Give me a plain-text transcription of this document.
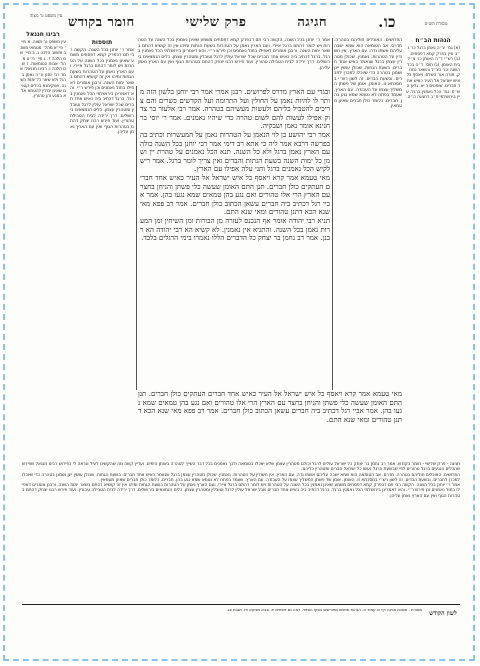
כו.
חגיגה
פרק שלישי
חומר בקודש	מסורת הש״ס
עין משפט נר מצוה
הגהות הב״ח

(א) גמ׳ ע״ה נאמן ברגל כו׳ נ״ב עיין בפרק קמא דפסחים. (ב) רש״י ד״ה האומן כו׳ צ״ל בית האומן. (ג) תוס׳ ד״ה בכל השנה וכו׳ כצ״ל והשאר נמחק. תורה אור השלם. ויאסף כל איש ישראל אל העיר כאיש אחד חברים. שופטים כ יא. גליון הש״ס. גמ׳ הכל נאמנין ברגל. עיין בירושלמי פ״ב דחגיגה ה״ה.

רבינו חננאל

עין משפט נר מצוה. א מיי׳ פי״א מהל׳ מטמאי משכב ומושב הלכה ג. ב מיי׳ שם הלכה ד. ג מיי׳ פ״ט מהל׳ אבות הטומאות. ד שם הלכה ו. רבינו חננאל: אמר רבי יוחנן ע״ה נאמן ברגל ולא שאר כל ימות השנה. ואוקימנא בכלים קטנים שאינן יכולין להטמא אלא במגע והן טהורין.

הפרושים. האוכלים חוליהם בטהרה. מדרס. אב הטומאה הוא שמא ישבה עליהם אשתו נדה. עם הארץ. אין חשודין על הטהרות. נאמנין. שכולן מטהרין עצמן ברגל שנאמר כאיש אחד חברים. בשעת הגתות. שכולן עושין יינן ושמנן בטהרה כדי שיוכלו למכרן לחברים. ובשעת הבדים. זה לשון רש״י במסכתא זו. האומן. אומן של פשתן המשליך עצמו על העבודה. עם הארץ. שעמד בפתח לא נטמא שמא נגע בהן. חברים. כלומר כולן חברים שאינן מטמאין.

תוספות

אמר ר׳ יוחנן בכל השנה. הקשה רבי תם דבפרק קמא דפסחים משמע שאינן נאמנין בכל השנה על הטהרות ויש לומר דהתם ברגל איירי. ועם הארץ נאמן על הטהרות בשעת הגתות ומיהו אין זה קושיא דהתם בשאר ימות השנה. ורבנן אומרים דאפילו בחול נאמנים וכן פירש ר״י. והא דאמרינן בירושלמי הכל נאמנין ברגל. ברגל דכתיב ביה כאיש אחד חברים שכל ישראל עולין לרגל וטובלין ומטהרין עצמן. כלים הנמצאים בירושלים. דרך ירידה לבית הטבילה טהורין. ועוד פירש רבנו יצחק דהתם בטהרות הגוף ואין עם הארץ נאמן עליהן.

אמר ר׳ יוחנן בכל השנה. הקשה רבי תם דבפרק קמא דפסחים משמע שאינן נאמנין בכל השנה על הטהרות ויש לומר דהתם ברגל איירי. ועם הארץ נאמן על הטהרות בשעת הגתות ומיהו אין זה קושיא דהתם בשאר ימות השנה. ורבנן אומרים דאפילו בחול נאמנים וכן פירש ר״י. והא דאמרינן בירושלמי הכל נאמנין ברגל. ברגל דכתיב ביה כאיש אחד חברים שכל ישראל עולין לרגל וטובלין ומטהרין עצמן. כלים הנמצאים בירושלים. דרך ירידה לבית הטבילה טהורין. ועוד פירש רבנו יצחק דהתם בטהרות הגוף ואין עם הארץ נאמן עליהן.

ובגדי עם הארץ מדרס לפרושים. רבנן אמרי אמר רבי יוחנן בלשון הזה מותר לו להיות נאמן על החולין ועל התרומה ועל הקדשים כשרים והם צריכים להטביל כליהם ולעשות מעשיהם בטהרה. אמר רבי אלעזר בר צדוק אפילו לעשות להם לשום טהרה כדי שיהיו נאמנים. אמר ר׳ יוסי בר חנינא אומר נאמן ושבקיה.

אמר רבי יהושע בן לוי הנאמן על הטהרות נאמן על המעשרות וכתיב בה בפרשה דרבא אמר ליה כי אתא רב דימי אמר רבי יוחנן בכל השנה כולה עם הארץ נאמן ברגל ולא כל השנה. תנא הכל נאמנים על טהרת יין ושמן כל ימות השנה בשעת הגתות והבדים ואין צריך לומר ברגל. אמר ריש לקיש הכל נאמנים ברגל ותני עלה אפילו עם הארץ.

מאי טעמא אמר קרא ויאסף כל איש ישראל אל העיר כאיש אחד חברים העתקים כולן חברים. תנן התם האומן שעשה כלי פשתן והניחן בחצר עם הארץ הרי אלו טהורים ואם נגע בהן טמאים שמא נגעו בהן. אמר אביי רגל דכתיב ביה חברים עשאן הכתוב כולן חברים. אמר רב פפא מאי שנא הכא דתנן טהורים ומאי שנא התם.

תניא רבי יהודה אומר אף הנכנס לעזרה מן הבורות ומן השיחין ומן המערות נאמן בכל השנה. והתניא אין נאמנין. לא קשיא הא רבי יהודה הא רבנן. אמר רב נחמן בר יצחק כל הדברים הללו נאמרו בימי הרגלים בלבד.

מאי טעמא אמר קרא ויאסף כל איש ישראל אל העיר כאיש אחד חברים העתקים כולן חברים. תנן התם האומן שעשה כלי פשתן והניחן בחצר עם הארץ הרי אלו טהורים ואם נגע בהן טמאים שמא נגעו בהן. אמר אביי רגל דכתיב ביה חברים עשאן הכתוב כולן חברים. אמר רב פפא מאי שנא הכא דתנן טהורים ומאי שנא התם.

חגיגה - פרק שלישי - חומר בקודש. אמר רב נחמן בר יצחק כל ישראל עולים לרגל וכולם מטהרין עצמן שלא יאכלו בטומאה ולכך נאמנים בכל דבר השייך לטהרה באותן הימים. ועדיין קשה מה שהקשינו לעיל ונראה לי כפירוש רבינו חננאל שפירש שהכלים הנגעים ברגל טהורים לפי שבשעת הרגל נעשו כל ישראל חברים ומטהרין כליהם.

הפרושים. האוכלים חוליהם בטהרה. מדרס. אב הטומאה הוא שמא ישבה עליהם אשתו נדה. עם הארץ. אין חשודין על הטהרות. נאמנין. שכולן מטהרין עצמן ברגל שנאמר כאיש אחד חברים. בשעת הגתות. שכולן עושין יינן ושמנן בטהרה כדי שיוכלו למכרן לחברים. ובשעת הבדים. זה לשון רש״י במסכתא זו. האומן. אומן של פשתן המשליך עצמו על העבודה. עם הארץ. שעמד בפתח לא נטמא שמא נגע בהן. חברים. כלומר כולן חברים שאינן מטמאין.

אמר ר׳ יוחנן בכל השנה. הקשה רבי תם דבפרק קמא דפסחים משמע שאינן נאמנין בכל השנה על הטהרות ויש לומר דהתם ברגל איירי. ועם הארץ נאמן על הטהרות בשעת הגתות ומיהו אין זה קושיא דהתם בשאר ימות השנה. ורבנן אומרים דאפילו בחול נאמנים וכן פירש ר״י. והא דאמרינן בירושלמי הכל נאמנין ברגל. ברגל דכתיב ביה כאיש אחד חברים שכל ישראל עולין לרגל וטובלין ומטהרין עצמן. כלים הנמצאים בירושלים. דרך ירידה לבית הטבילה טהורין. ועוד פירש רבנו יצחק דהתם בטהרות הגוף ואין עם הארץ נאמן עליהן.

מסורת - מסכת חגיגה דף כו עמוד א. הגהות וציונים מפורשים בסוף הספר. ראה גם פסחים יז: ובבא מציעא פז. ושבת צג.

לשון הקודש
